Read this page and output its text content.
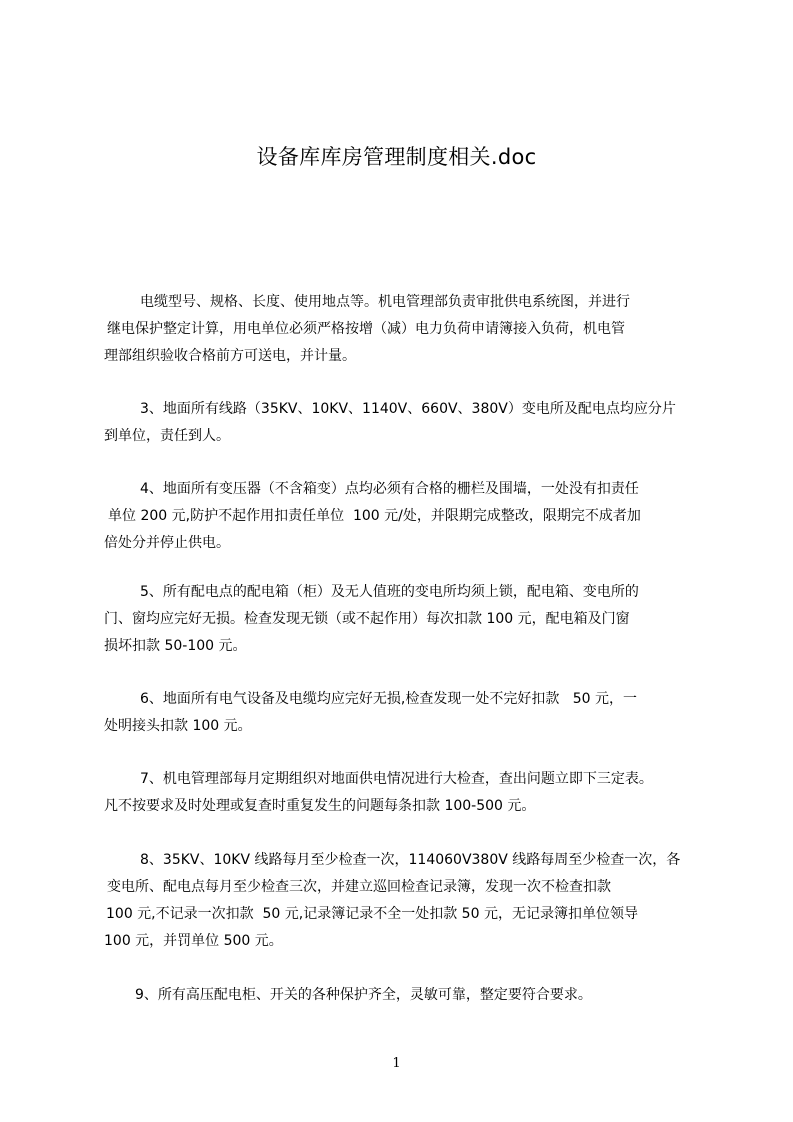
设备库库房管理制度相关.doc
电缆型号、规格、长度、使用地点等。机电管理部负责审批供电系统图，并进行
继电保护整定计算，用电单位必须严格按增（减）电力负荷申请簿接入负荷，机电管
理部组织验收合格前方可送电，并计量。
3、地面所有线路（35KV、10KV、1140V、660V、380V）变电所及配电点均应分片
到单位，责任到人。
4、地面所有变压器（不含箱变）点均必须有合格的栅栏及围墙，一处没有扣责任
单位 200 元,防护不起作用扣责任单位  100 元/处，并限期完成整改，限期完不成者加
倍处分并停止供电。
5、所有配电点的配电箱（柜）及无人值班的变电所均须上锁，配电箱、变电所的
门、窗均应完好无损。检查发现无锁（或不起作用）每次扣款 100 元，配电箱及门窗
损坏扣款 50-100 元。
6、地面所有电气设备及电缆均应完好无损,检查发现一处不完好扣款   50 元，一
处明接头扣款 100 元。
7、机电管理部每月定期组织对地面供电情况进行大检查，查出问题立即下三定表。
凡不按要求及时处理或复查时重复发生的问题每条扣款 100-500 元。
8、35KV、10KV 线路每月至少检查一次，114060V380V 线路每周至少检查一次，各
变电所、配电点每月至少检查三次，并建立巡回检查记录簿，发现一次不检查扣款
100 元,不记录一次扣款  50 元,记录簿记录不全一处扣款 50 元，无记录簿扣单位领导
100 元，并罚单位 500 元。
9、所有高压配电柜、开关的各种保护齐全，灵敏可靠，整定要符合要求。
1
